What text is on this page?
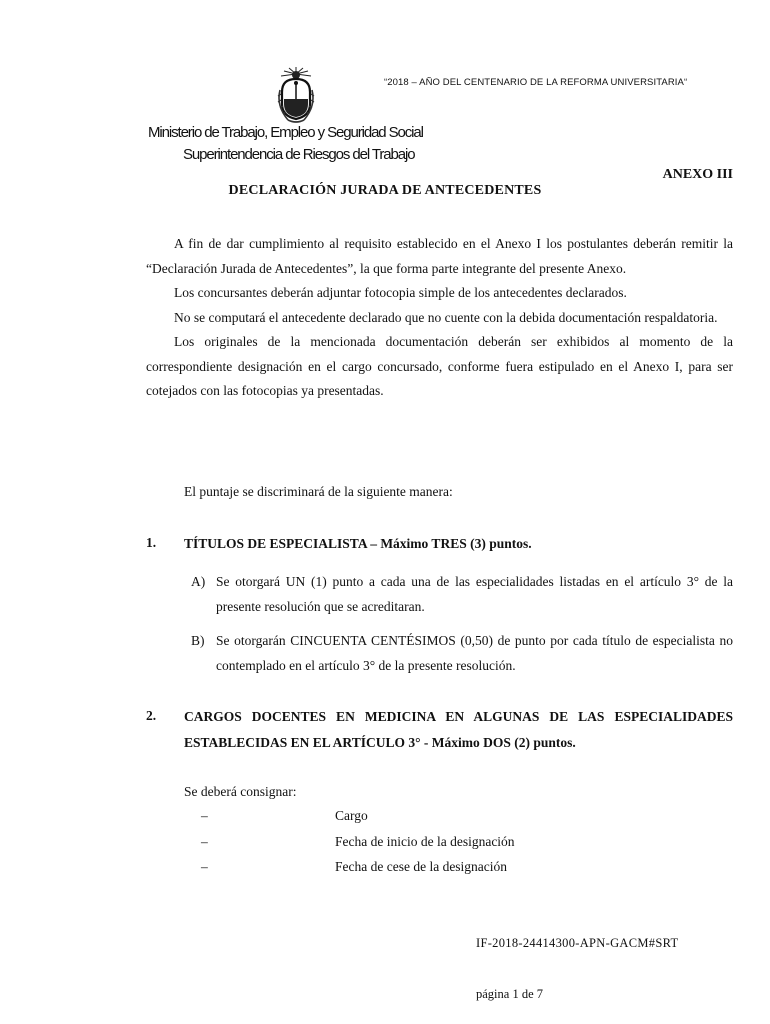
“2018 – AÑO DEL CENTENARIO DE LA REFORMA UNIVERSITARIA“
Ministerio de Trabajo, Empleo y Seguridad Social
Superintendencia de Riesgos del Trabajo
ANEXO III
DECLARACIÓN JURADA DE ANTECEDENTES

A fin de dar cumplimiento al requisito establecido en el Anexo I los postulantes deberán remitir la “Declaración Jurada de Antecedentes”, la que forma parte integrante del presente Anexo.

Los concursantes deberán adjuntar fotocopia simple de los antecedentes declarados.

No se computará el antecedente declarado que no cuente con la debida documentación respaldatoria.

Los originales de la mencionada documentación deberán ser exhibidos al momento de la correspondiente designación en el cargo concursado, conforme fuera estipulado en el Anexo I, para ser cotejados con las fotocopias ya presentadas.

El puntaje se discriminará de la siguiente manera:
1. TÍTULOS DE ESPECIALISTA – Máximo TRES (3) puntos.
A) Se otorgará UN (1) punto a cada una de las especialidades listadas en el artículo 3° de la presente resolución que se acreditaran.
B) Se otorgarán CINCUENTA CENTÉSIMOS (0,50) de punto por cada título de especialista no contemplado en el artículo 3° de la presente resolución.
2. CARGOS DOCENTES EN MEDICINA EN ALGUNAS DE LAS ESPECIALIDADES ESTABLECIDAS EN EL ARTÍCULO 3° - Máximo DOS (2) puntos.
Se deberá consignar:
–	Cargo
–	Fecha de inicio de la designación
–	Fecha de cese de la designación
IF-2018-24414300-APN-GACM#SRT
página 1 de 7
